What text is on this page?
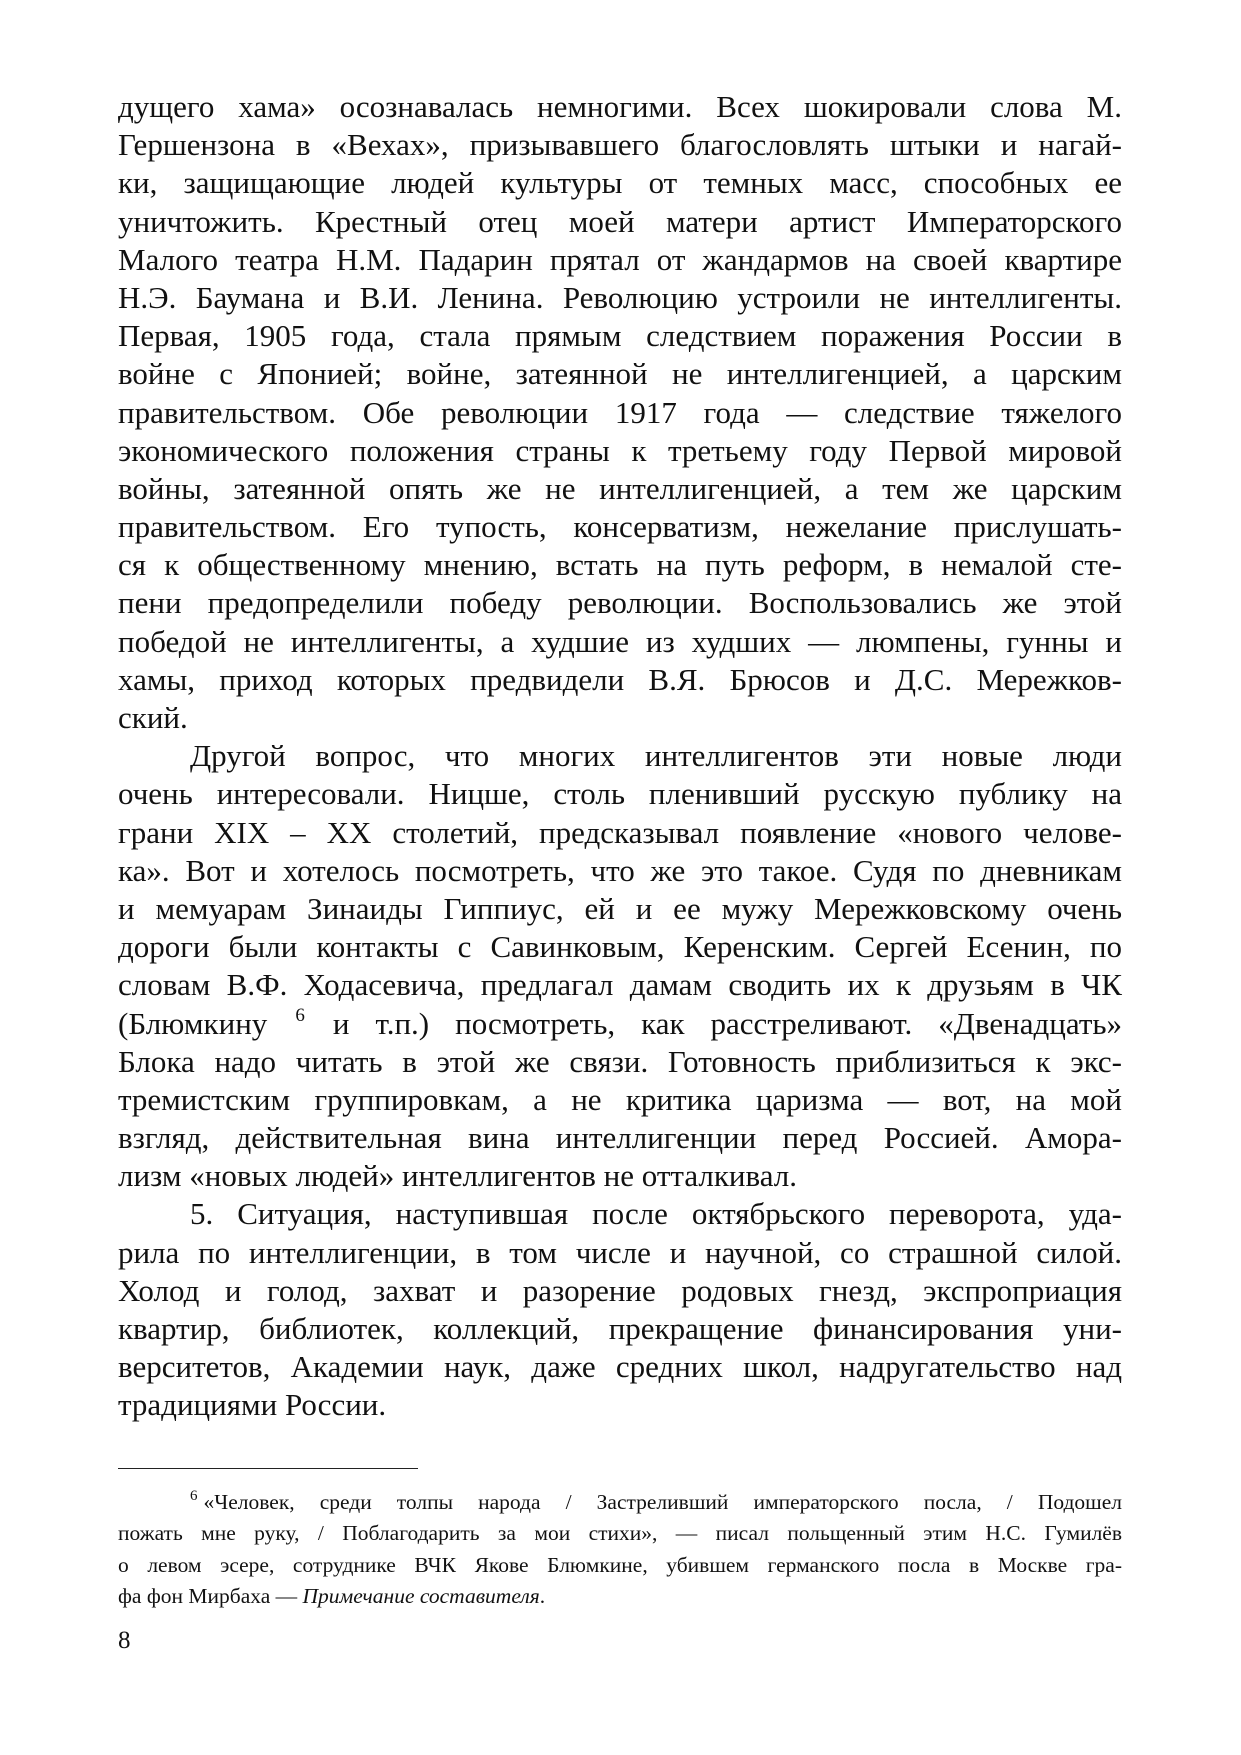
дущего хама» осознавалась немногими. Всех шокировали слова М.
Гершензона в «Вехах», призывавшего благословлять штыки и нагай-
ки, защищающие людей культуры от темных масс, способных ее
уничтожить. Крестный отец моей матери артист Императорского
Малого театра Н.М. Падарин прятал от жандармов на своей квартире
Н.Э. Баумана и В.И. Ленина. Революцию устроили не интеллигенты.
Первая, 1905 года, стала прямым следствием поражения России в
войне с Японией; войне, затеянной не интеллигенцией, а царским
правительством. Обе революции 1917 года — следствие тяжелого
экономического положения страны к третьему году Первой мировой
войны, затеянной опять же не интеллигенцией, а тем же царским
правительством. Его тупость, консерватизм, нежелание прислушать-
ся к общественному мнению, встать на путь реформ, в немалой сте-
пени предопределили победу революции. Воспользовались же этой
победой не интеллигенты, а худшие из худших — люмпены, гунны и
хамы, приход которых предвидели В.Я. Брюсов и Д.С. Мережков-
ский.
Другой вопрос, что многих интеллигентов эти новые люди
очень интересовали. Ницше, столь пленивший русскую публику на
грани XIX – XX столетий, предсказывал появление «нового челове-
ка». Вот и хотелось посмотреть, что же это такое. Судя по дневникам
и мемуарам Зинаиды Гиппиус, ей и ее мужу Мережковскому очень
дороги были контакты с Савинковым, Керенским. Сергей Есенин, по
словам В.Ф. Ходасевича, предлагал дамам сводить их к друзьям в ЧК
(Блюмкину $^6$ и т.п.) посмотреть, как расстреливают. «Двенадцать»
Блока надо читать в этой же связи. Готовность приблизиться к экс-
тремистским группировкам, а не критика царизма — вот, на мой
взгляд, действительная вина интеллигенции перед Россией. Амора-
лизм «новых людей» интеллигентов не отталкивал.
5. Ситуация, наступившая после октябрьского переворота, уда-
рила по интеллигенции, в том числе и научной, со страшной силой.
Холод и голод, захват и разорение родовых гнезд, экспроприация
квартир, библиотек, коллекций, прекращение финансирования уни-
верситетов, Академии наук, даже средних школ, надругательство над
традициями России.
$^6$ «Человек, среди толпы народа / Застреливший императорского посла, / Подошел
пожать мне руку, / Поблагодарить за мои стихи», — писал польщенный этим Н.С. Гумилёв
о левом эсере, сотруднике ВЧК Якове Блюмкине, убившем германского посла в Москве гра-
фа фон Мирбаха — Примечание составителя.
8
